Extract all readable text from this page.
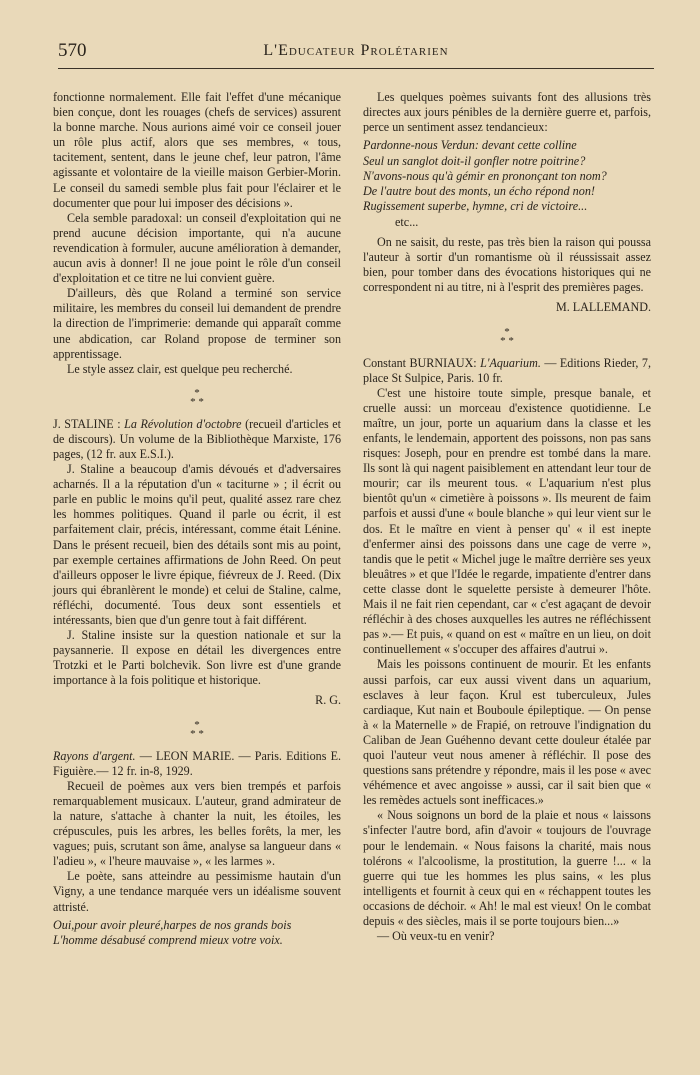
570	L'Educateur Prolétarien

fonctionne normalement. Elle fait l'effet d'une mécanique bien conçue, dont les rouages (chefs de services) assurent la bonne marche. Nous aurions aimé voir ce conseil jouer un rôle plus actif, alors que ses membres, « tous, tacitement, sentent, dans le jeune chef, leur patron, l'âme agissante et volontaire de la vieille maison Gerbier-Morin. Le conseil du samedi semble plus fait pour l'éclairer et le documenter que pour lui imposer des décisions ».

Cela semble paradoxal: un conseil d'exploitation qui ne prend aucune décision importante, qui n'a aucune revendication à formuler, aucune amélioration à demander, aucun avis à donner! Il ne joue point le rôle d'un conseil d'exploitation et ce titre ne lui convient guère.

D'ailleurs, dès que Roland a terminé son service militaire, les membres du conseil lui demandent de prendre la direction de l'imprimerie: demande qui apparaît comme une abdication, car Roland propose de terminer son apprentissage.

Le style assez clair, est quelque peu recherché.

*
* *

J. STALINE : La Révolution d'octobre (recueil d'articles et de discours). Un volume de la Bibliothèque Marxiste, 176 pages, (12 fr. aux E.S.I.).

J. Staline a beaucoup d'amis dévoués et d'adversaires acharnés. Il a la réputation d'un « taciturne » ; il écrit ou parle en public le moins qu'il peut, qualité assez rare chez les hommes politiques. Quand il parle ou écrit, il est parfaitement clair, précis, intéressant, comme était Lénine. Dans le présent recueil, bien des détails sont mis au point, par exemple certaines affirmations de John Reed. On peut d'ailleurs opposer le livre épique, fiévreux de J. Reed. (Dix jours qui ébranlèrent le monde) et celui de Staline, calme, réfléchi, documenté. Tous deux sont essentiels et intéressants, bien que d'un genre tout à fait différent.

J. Staline insiste sur la question nationale et sur la paysannerie. Il expose en détail les divergences entre Trotzki et le Parti bolchevik. Son livre est d'une grande importance à la fois politique et historique.

R. G.
*
* *

Rayons d'argent. — LEON MARIE. — Paris. Editions E. Figuière.— 12 fr. in-8, 1929.

Recueil de poèmes aux vers bien trempés et parfois remarquablement musicaux. L'auteur, grand admirateur de la nature, s'attache à chanter la nuit, les étoiles, les crépuscules, puis les arbres, les belles forêts, la mer, les vagues; puis, scrutant son âme, analyse sa langueur dans « l'adieu », « l'heure mauvaise », « les larmes ».

Le poète, sans atteindre au pessimisme hautain d'un Vigny, a une tendance marquée vers un idéalisme souvent attristé.

Oui,pour avoir pleuré,harpes de nos grands bois
L'homme désabusé comprend mieux votre voix.

Les quelques poèmes suivants font des allusions très directes aux jours pénibles de la dernière guerre et, parfois, perce un sentiment assez tendancieux:

Pardonne-nous Verdun: devant cette colline
Seul un sanglot doit-il gonfler notre poitrine?
N'avons-nous qu'à gémir en prononçant ton nom?
De l'autre bout des monts, un écho répond non!
Rugissement superbe, hymne, cri de victoire...
etc...

On ne saisit, du reste, pas très bien la raison qui poussa l'auteur à sortir d'un romantisme où il réussissait assez bien, pour tomber dans des évocations historiques qui ne correspondent ni au titre, ni à l'esprit des premières pages.

M. LALLEMAND.
*
* *

Constant BURNIAUX: L'Aquarium. — Editions Rieder, 7, place St Sulpice, Paris. 10 fr.

C'est une histoire toute simple, presque banale, et cruelle aussi: un morceau d'existence quotidienne. Le maître, un jour, porte un aquarium dans la classe et les enfants, le lendemain, apportent des poissons, non pas sans risques: Joseph, pour en prendre est tombé dans la mare. Ils sont là qui nagent paisiblement en attendant leur tour de mourir; car ils meurent tous. « L'aquarium n'est plus bientôt qu'un « cimetière à poissons ». Ils meurent de faim parfois et aussi d'une « boule blanche » qui leur vient sur le dos. Et le maître en vient à penser qu' « il est inepte d'enfermer ainsi des poissons dans une cage de verre », tandis que le petit « Michel juge le maître derrière ses yeux bleuâtres » et que l'Idée le regarde, impatiente d'entrer dans cette classe dont le squelette persiste à demeurer l'hôte. Mais il ne fait rien cependant, car « c'est agaçant de devoir réfléchir à des choses auxquelles les autres ne réfléchissent pas ».— Et puis, « quand on est « maître en un lieu, on doit continuellement « s'occuper des affaires d'autrui ».

Mais les poissons continuent de mourir. Et les enfants aussi parfois, car eux aussi vivent dans un aquarium, esclaves à leur façon. Krul est tuberculeux, Jules cardiaque, Kut nain et Bouboule épileptique. — On pense à « la Maternelle » de Frapié, on retrouve l'indignation du Caliban de Jean Guéhenno devant cette douleur étalée par quoi l'auteur veut nous amener à réfléchir. Il pose des questions sans prétendre y répondre, mais il les pose « avec véhémence et avec angoisse » aussi, car il sait bien que « les remèdes actuels sont inefficaces.»

« Nous soignons un bord de la plaie et nous « laissons s'infecter l'autre bord, afin d'avoir « toujours de l'ouvrage pour le lendemain. « Nous faisons la charité, mais nous tolérons « l'alcoolisme, la prostitution, la guerre !... « la guerre qui tue les hommes les plus sains, « les plus intelligents et fournit à ceux qui en « réchappent toutes les occasions de déchoir. « Ah! le mal est vieux! On le combat depuis « des siècles, mais il se porte toujours bien...»

— Où veux-tu en venir?
